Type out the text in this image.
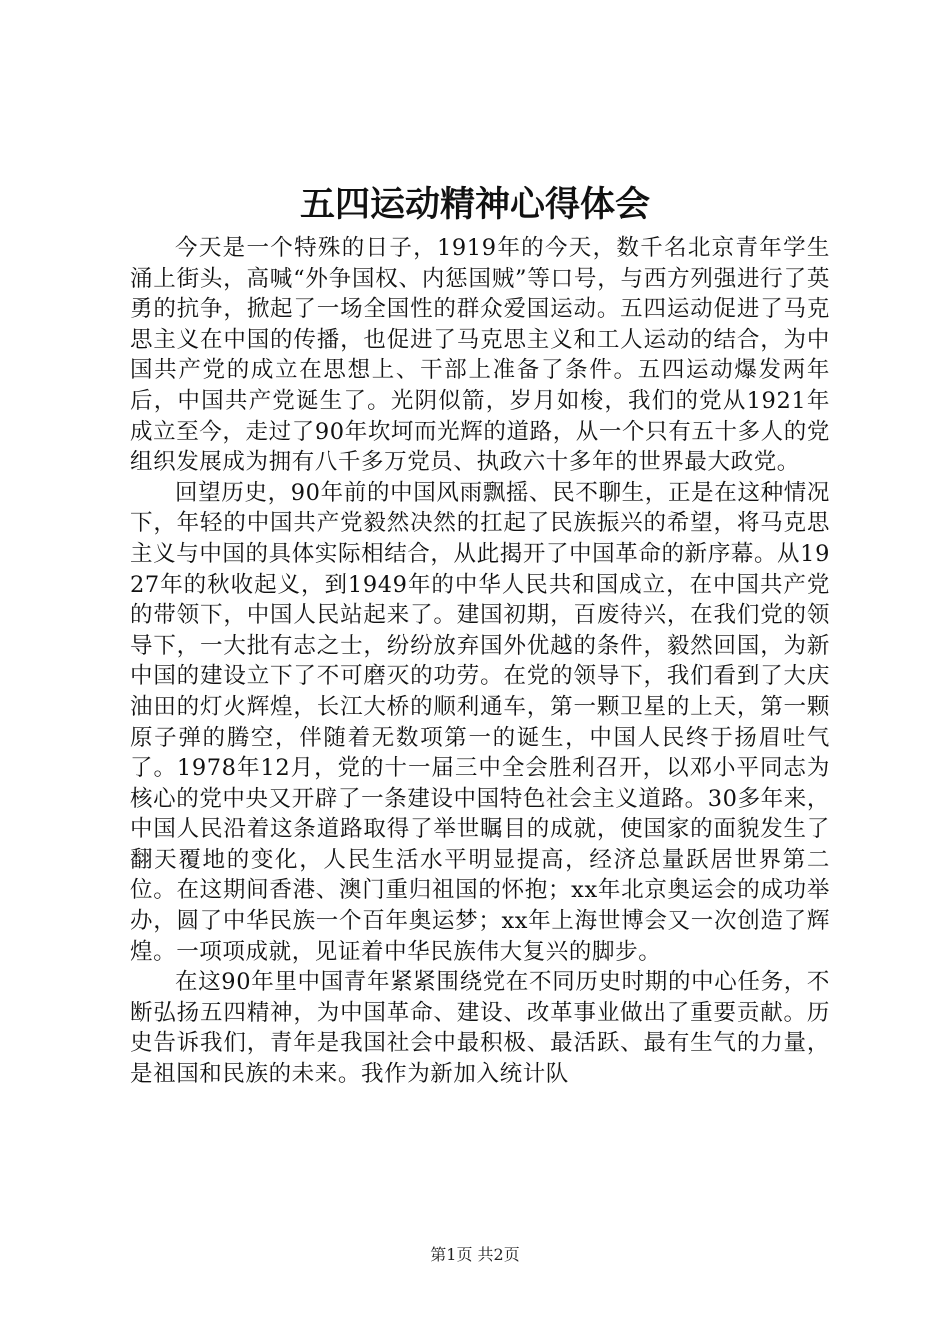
五四运动精神心得体会

今天是一个特殊的日子，1919年的今天，数千名北京青年学生涌上街头，高喊“外争国权、内惩国贼”等口号，与西方列强进行了英勇的抗争，掀起了一场全国性的群众爱国运动。五四运动促进了马克思主义在中国的传播，也促进了马克思主义和工人运动的结合，为中国共产党的成立在思想上、干部上准备了条件。五四运动爆发两年后，中国共产党诞生了。光阴似箭，岁月如梭，我们的党从1921年成立至今，走过了90年坎坷而光辉的道路，从一个只有五十多人的党组织发展成为拥有八千多万党员、执政六十多年的世界最大政党。

回望历史，90年前的中国风雨飘摇、民不聊生，正是在这种情况下，年轻的中国共产党毅然决然的扛起了民族振兴的希望，将马克思主义与中国的具体实际相结合，从此揭开了中国革命的新序幕。从1927年的秋收起义，到1949年的中华人民共和国成立，在中国共产党的带领下，中国人民站起来了。建国初期，百废待兴，在我们党的领导下，一大批有志之士，纷纷放弃国外优越的条件，毅然回国，为新中国的建设立下了不可磨灭的功劳。在党的领导下，我们看到了大庆油田的灯火辉煌，长江大桥的顺利通车，第一颗卫星的上天，第一颗原子弹的腾空，伴随着无数项第一的诞生，中国人民终于扬眉吐气了。1978年12月，党的十一届三中全会胜利召开，以邓小平同志为核心的党中央又开辟了一条建设中国特色社会主义道路。30多年来，中国人民沿着这条道路取得了举世瞩目的成就，使国家的面貌发生了翻天覆地的变化，人民生活水平明显提高，经济总量跃居世界第二位。在这期间香港、澳门重归祖国的怀抱；xx年北京奥运会的成功举办，圆了中华民族一个百年奥运梦；xx年上海世博会又一次创造了辉煌。一项项成就，见证着中华民族伟大复兴的脚步。

在这90年里中国青年紧紧围绕党在不同历史时期的中心任务，不断弘扬五四精神，为中国革命、建设、改革事业做出了重要贡献。历史告诉我们，青年是我国社会中最积极、最活跃、最有生气的力量，是祖国和民族的未来。我作为新加入统计队

第1页 共2页
